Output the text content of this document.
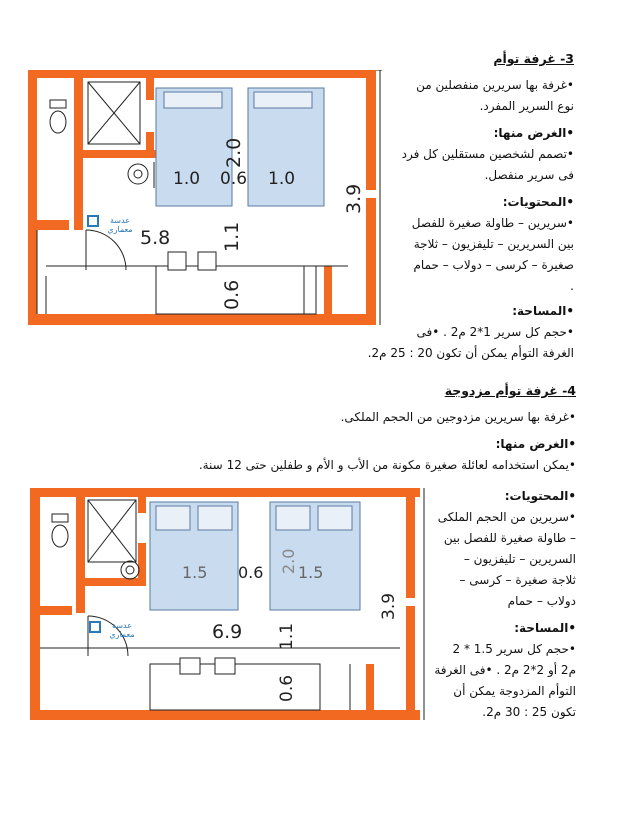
1.0 0.6 1.0
2.0
3.9
5.8	1.1
0.6
عدسة
معماري
1.5 0.6 2.0 1.5
3.9
6.9 1.1
0.6
عدسة
معماري
3- غرفة توأم
•غرفة بها سريرين منفصلين من
نوع السرير المفرد.
•الغرض منها:
•تصمم لشخصين مستقلين كل فرد
فى سرير منفصل.
•المحتويات:
•سريرين – طاولة صغيرة للفصل
بين السريرين – تليفزيون – ثلاجة
صغيرة – كرسى – دولاب – حمام
.
•المساحة:
•حجم كل سرير 1*2 م2 . •فى
الغرفة التوأم يمكن أن تكون 20 : 25 م2.
4- غرفة توأم مزدوجة
•غرفة بها سريرين مزدوجين من الحجم الملكى.
•الغرض منها:
•يمكن استخدامه لعائلة صغيرة مكونة من الأب و الأم و طفلين حتى 12 سنة.
•المحتويات:
•سريرين من الحجم الملكى
– طاولة صغيرة للفصل بين
السريرين – تليفزيون –
ثلاجة صغيرة – كرسى –
دولاب – حمام
•المساحة:
•حجم كل سرير 1.5 * 2
م2 أو 2*2 م2 . •فى الغرفة
التوأم المزدوجة يمكن أن
تكون 25 : 30 م2.
